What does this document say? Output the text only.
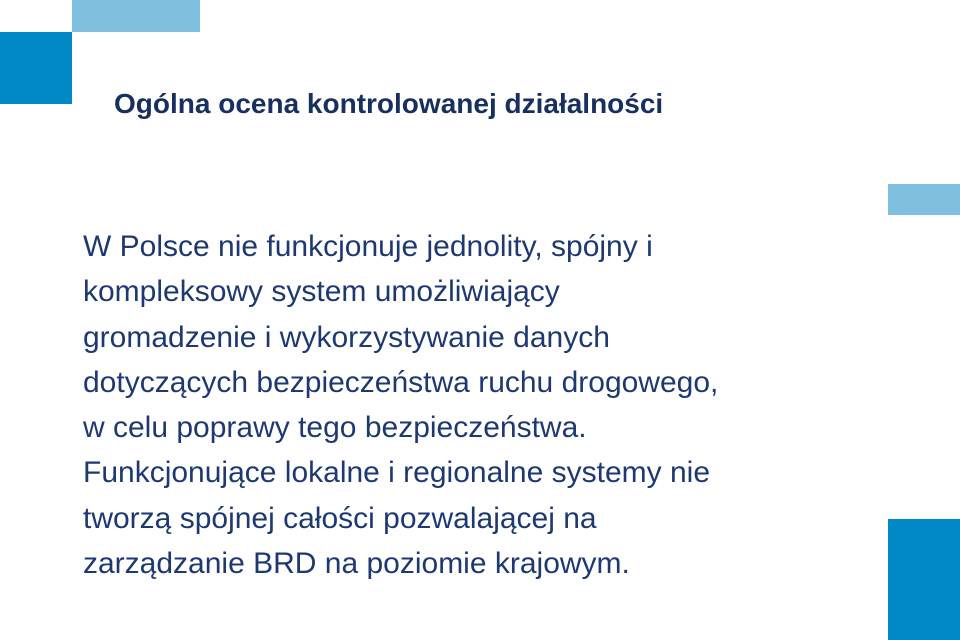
Ogólna ocena kontrolowanej działalności
W Polsce nie funkcjonuje jednolity, spójny i
kompleksowy system umożliwiający
gromadzenie i wykorzystywanie danych
dotyczących bezpieczeństwa ruchu drogowego,
w celu poprawy tego bezpieczeństwa.
Funkcjonujące lokalne i regionalne systemy nie
tworzą spójnej całości pozwalającej na
zarządzanie BRD na poziomie krajowym.
